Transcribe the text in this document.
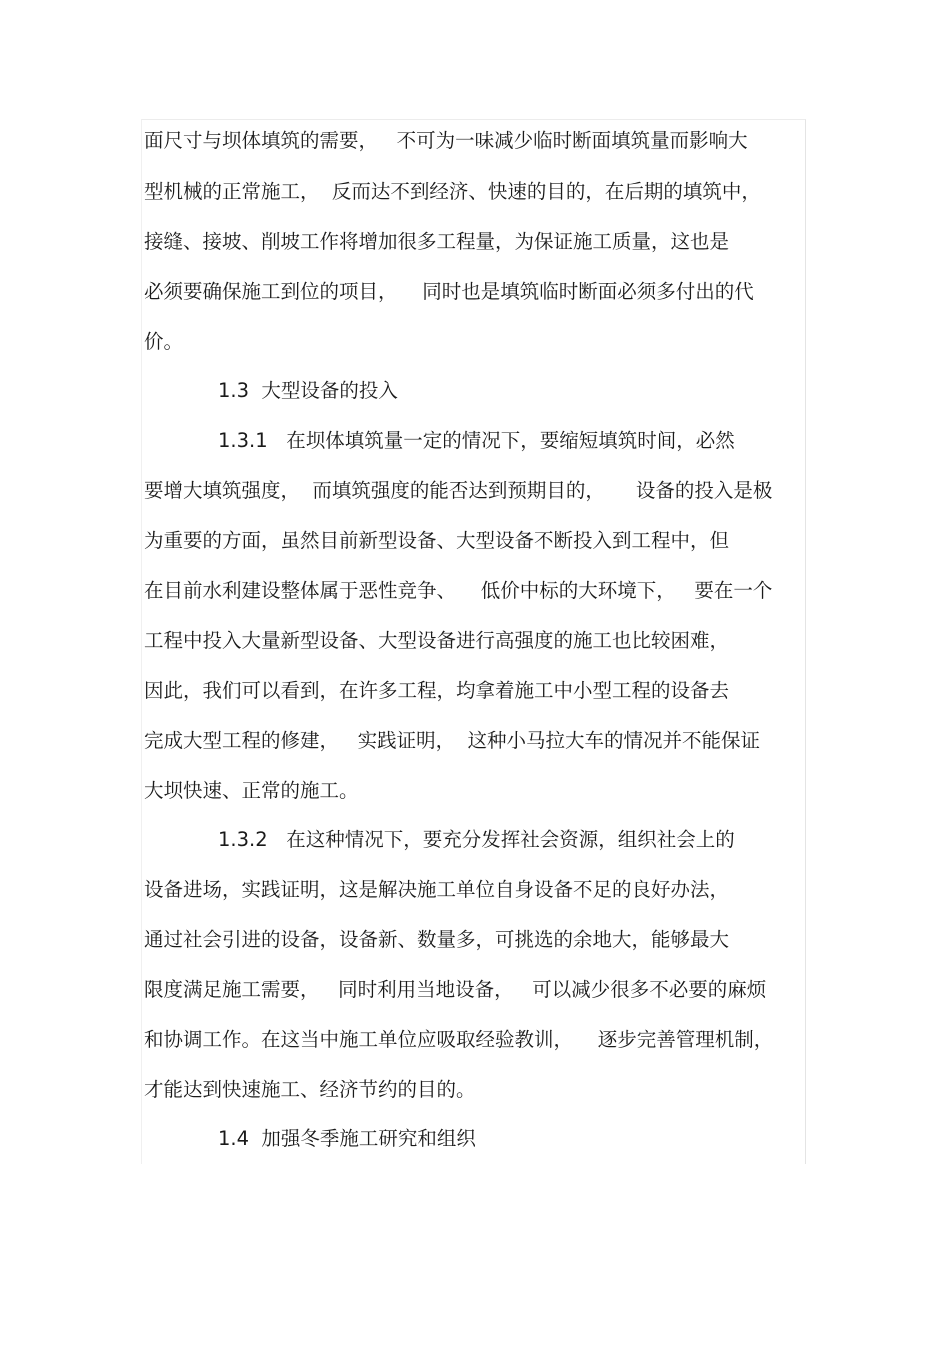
面尺寸与坝体填筑的需要，   不可为一味减少临时断面填筑量而影响大
型机械的正常施工，  反而达不到经济、快速的目的，在后期的填筑中，
接缝、接坡、削坡工作将增加很多工程量，为保证施工质量，这也是
必须要确保施工到位的项目，    同时也是填筑临时断面必须多付出的代
价。
1.3  大型设备的投入
1.3.1   在坝体填筑量一定的情况下，要缩短填筑时间，必然
要增大填筑强度，  而填筑强度的能否达到预期目的，     设备的投入是极
为重要的方面，虽然目前新型设备、大型设备不断投入到工程中，但
在目前水利建设整体属于恶性竞争、    低价中标的大环境下，   要在一个
工程中投入大量新型设备、大型设备进行高强度的施工也比较困难，
因此，我们可以看到，在许多工程，均拿着施工中小型工程的设备去
完成大型工程的修建，   实践证明，  这种小马拉大车的情况并不能保证
大坝快速、正常的施工。
1.3.2   在这种情况下，要充分发挥社会资源，组织社会上的
设备进场，实践证明，这是解决施工单位自身设备不足的良好办法，
通过社会引进的设备，设备新、数量多，可挑选的余地大，能够最大
限度满足施工需要，   同时利用当地设备，   可以减少很多不必要的麻烦
和协调工作。在这当中施工单位应吸取经验教训，    逐步完善管理机制，
才能达到快速施工、经济节约的目的。
1.4  加强冬季施工研究和组织
